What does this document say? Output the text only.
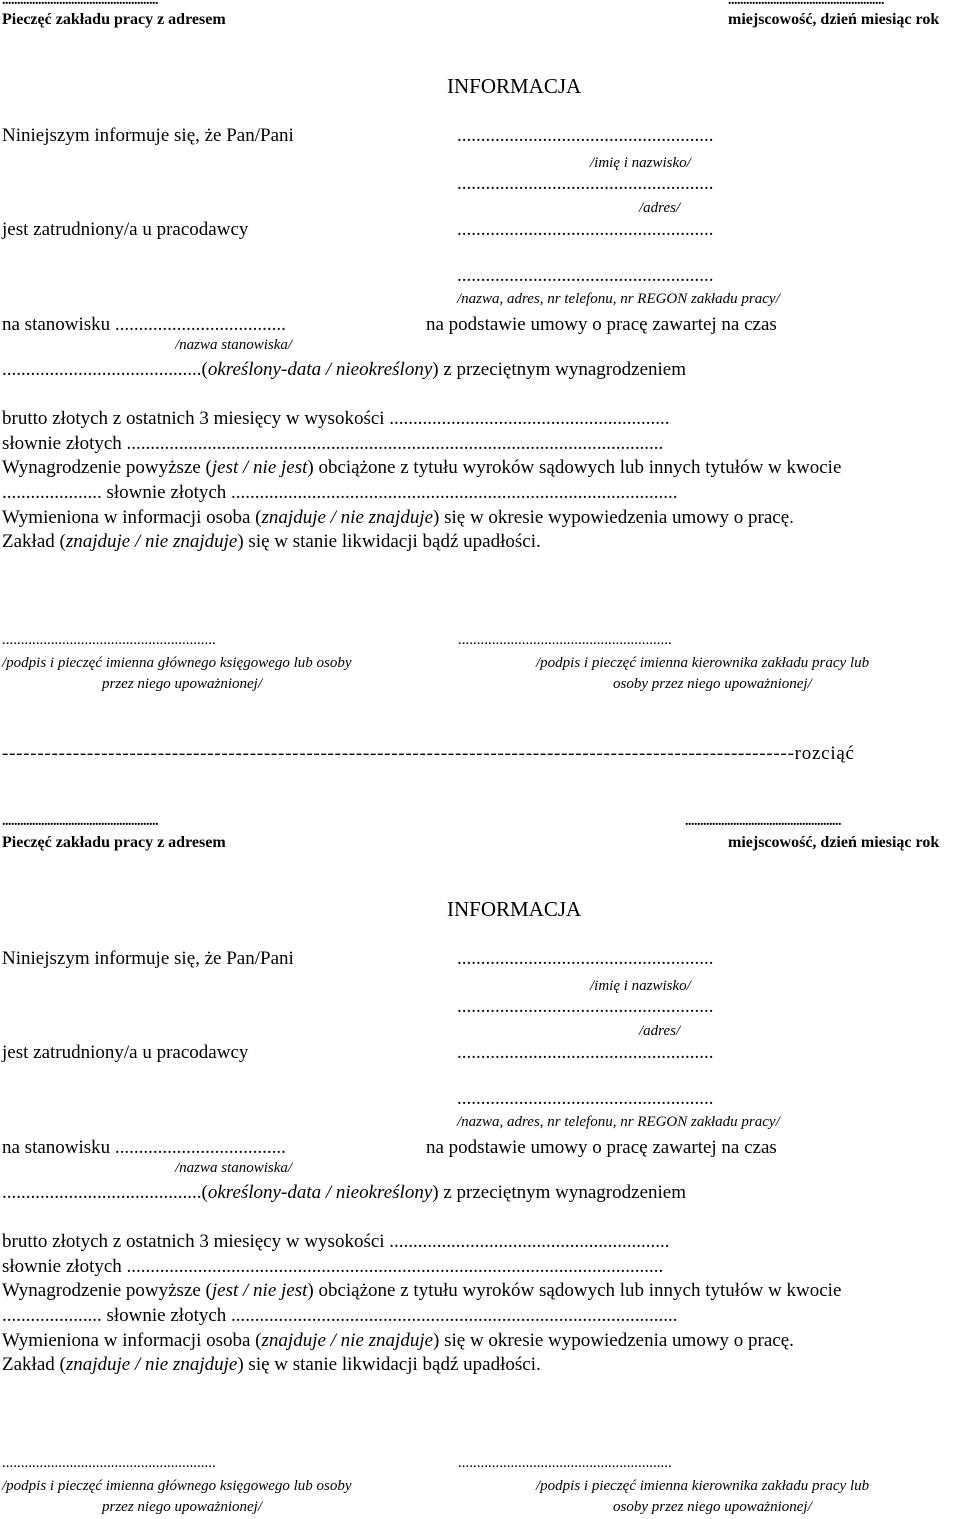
....................................................
Pieczęć zakładu pracy z adresem
....................................................
miejscowość, dzień miesiąc rok
INFORMACJA
Niniejszym informuje się, że Pan/Pani	......................................................
/imię i nazwisko/
......................................................
/adres/
jest zatrudniony/a u pracodawcy	......................................................
......................................................
/nazwa, adres, nr telefonu, nr REGON zakładu pracy/
na stanowisku ....................................	na podstawie umowy o pracę zawartej na czas
/nazwa stanowiska/
..........................................(określony-data / nieokreślony) z przeciętnym wynagrodzeniem
brutto złotych z ostatnich 3 miesięcy w wysokości ...........................................................
słownie złotych .................................................................................................................
Wynagrodzenie powyższe (jest / nie jest) obciążone z tytułu wyroków sądowych lub innych tytułów w kwocie
..................... słownie złotych ..............................................................................................
Wymieniona w informacji osoba (znajduje / nie znajduje) się w okresie wypowiedzenia umowy o pracę.
Zakład (znajduje / nie znajduje) się w stanie likwidacji bądź upadłości.
.........................................................
/podpis i pieczęć imienna głównego księgowego lub osoby
przez niego upoważnionej/
.........................................................
/podpis i pieczęć imienna kierownika zakładu pracy lub
osoby przez niego upoważnionej/
----------------------------------------------------------------------------------------------------------------rozciąć
....................................................
Pieczęć zakładu pracy z adresem
....................................................
miejscowość, dzień miesiąc rok
INFORMACJA
Niniejszym informuje się, że Pan/Pani	......................................................
/imię i nazwisko/
......................................................
/adres/
jest zatrudniony/a u pracodawcy	......................................................
......................................................
/nazwa, adres, nr telefonu, nr REGON zakładu pracy/
na stanowisku ....................................	na podstawie umowy o pracę zawartej na czas
/nazwa stanowiska/
..........................................(określony-data / nieokreślony) z przeciętnym wynagrodzeniem
brutto złotych z ostatnich 3 miesięcy w wysokości ...........................................................
słownie złotych .................................................................................................................
Wynagrodzenie powyższe (jest / nie jest) obciążone z tytułu wyroków sądowych lub innych tytułów w kwocie
..................... słownie złotych ..............................................................................................
Wymieniona w informacji osoba (znajduje / nie znajduje) się w okresie wypowiedzenia umowy o pracę.
Zakład (znajduje / nie znajduje) się w stanie likwidacji bądź upadłości.
.........................................................
/podpis i pieczęć imienna głównego księgowego lub osoby
przez niego upoważnionej/
.........................................................
/podpis i pieczęć imienna kierownika zakładu pracy lub
osoby przez niego upoważnionej/
